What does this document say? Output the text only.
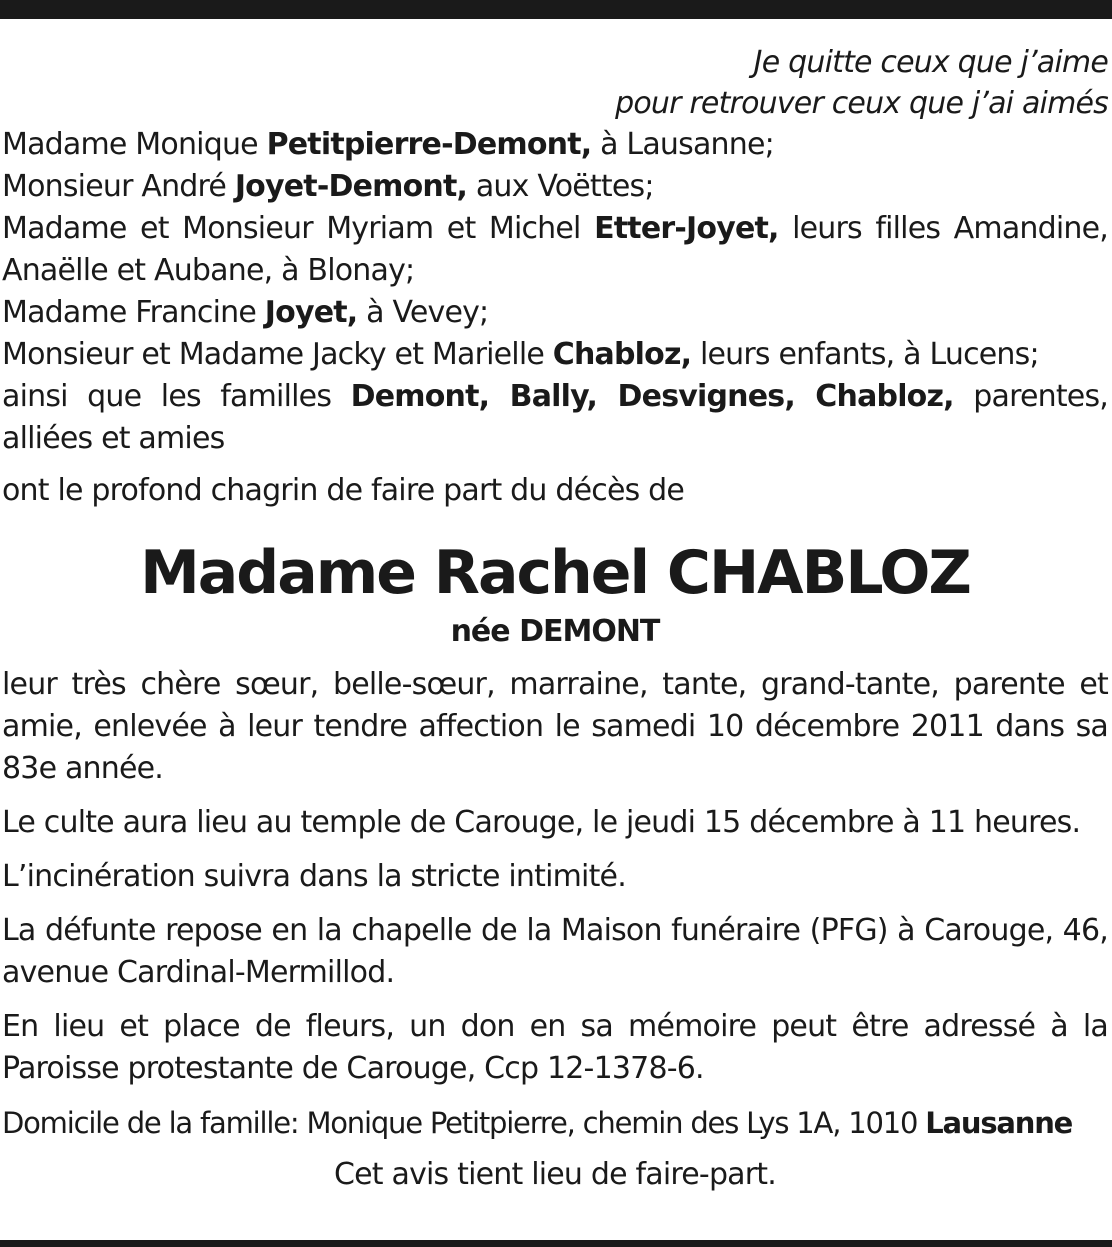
Je quitte ceux que j’aime
pour retrouver ceux que j’ai aimés
Madame Monique Petitpierre-Demont, à Lausanne;
Monsieur André Joyet-Demont, aux Voëttes;
Madame et Monsieur Myriam et Michel Etter-Joyet, leurs filles Amandine, Anaëlle et Aubane, à Blonay;
Madame Francine Joyet, à Vevey;
Monsieur et Madame Jacky et Marielle Chabloz, leurs enfants, à Lucens;
ainsi que les familles Demont, Bally, Desvignes, Chabloz, parentes, alliées et amies
ont le profond chagrin de faire part du décès de
Madame Rachel CHABLOZ
née DEMONT
leur très chère sœur, belle-sœur, marraine, tante, grand-tante, parente et amie, enlevée à leur tendre affection le samedi 10 décembre 2011 dans sa 83e année.
Le culte aura lieu au temple de Carouge, le jeudi 15 décembre à 11 heures.
L’incinération suivra dans la stricte intimité.
La défunte repose en la chapelle de la Maison funéraire (PFG) à Carouge, 46, avenue Cardinal-Mermillod.
En lieu et place de fleurs, un don en sa mémoire peut être adressé à la Paroisse protestante de Carouge, Ccp 12-1378-6.
Domicile de la famille: Monique Petitpierre, chemin des Lys 1A, 1010 Lausanne
Cet avis tient lieu de faire-part.
